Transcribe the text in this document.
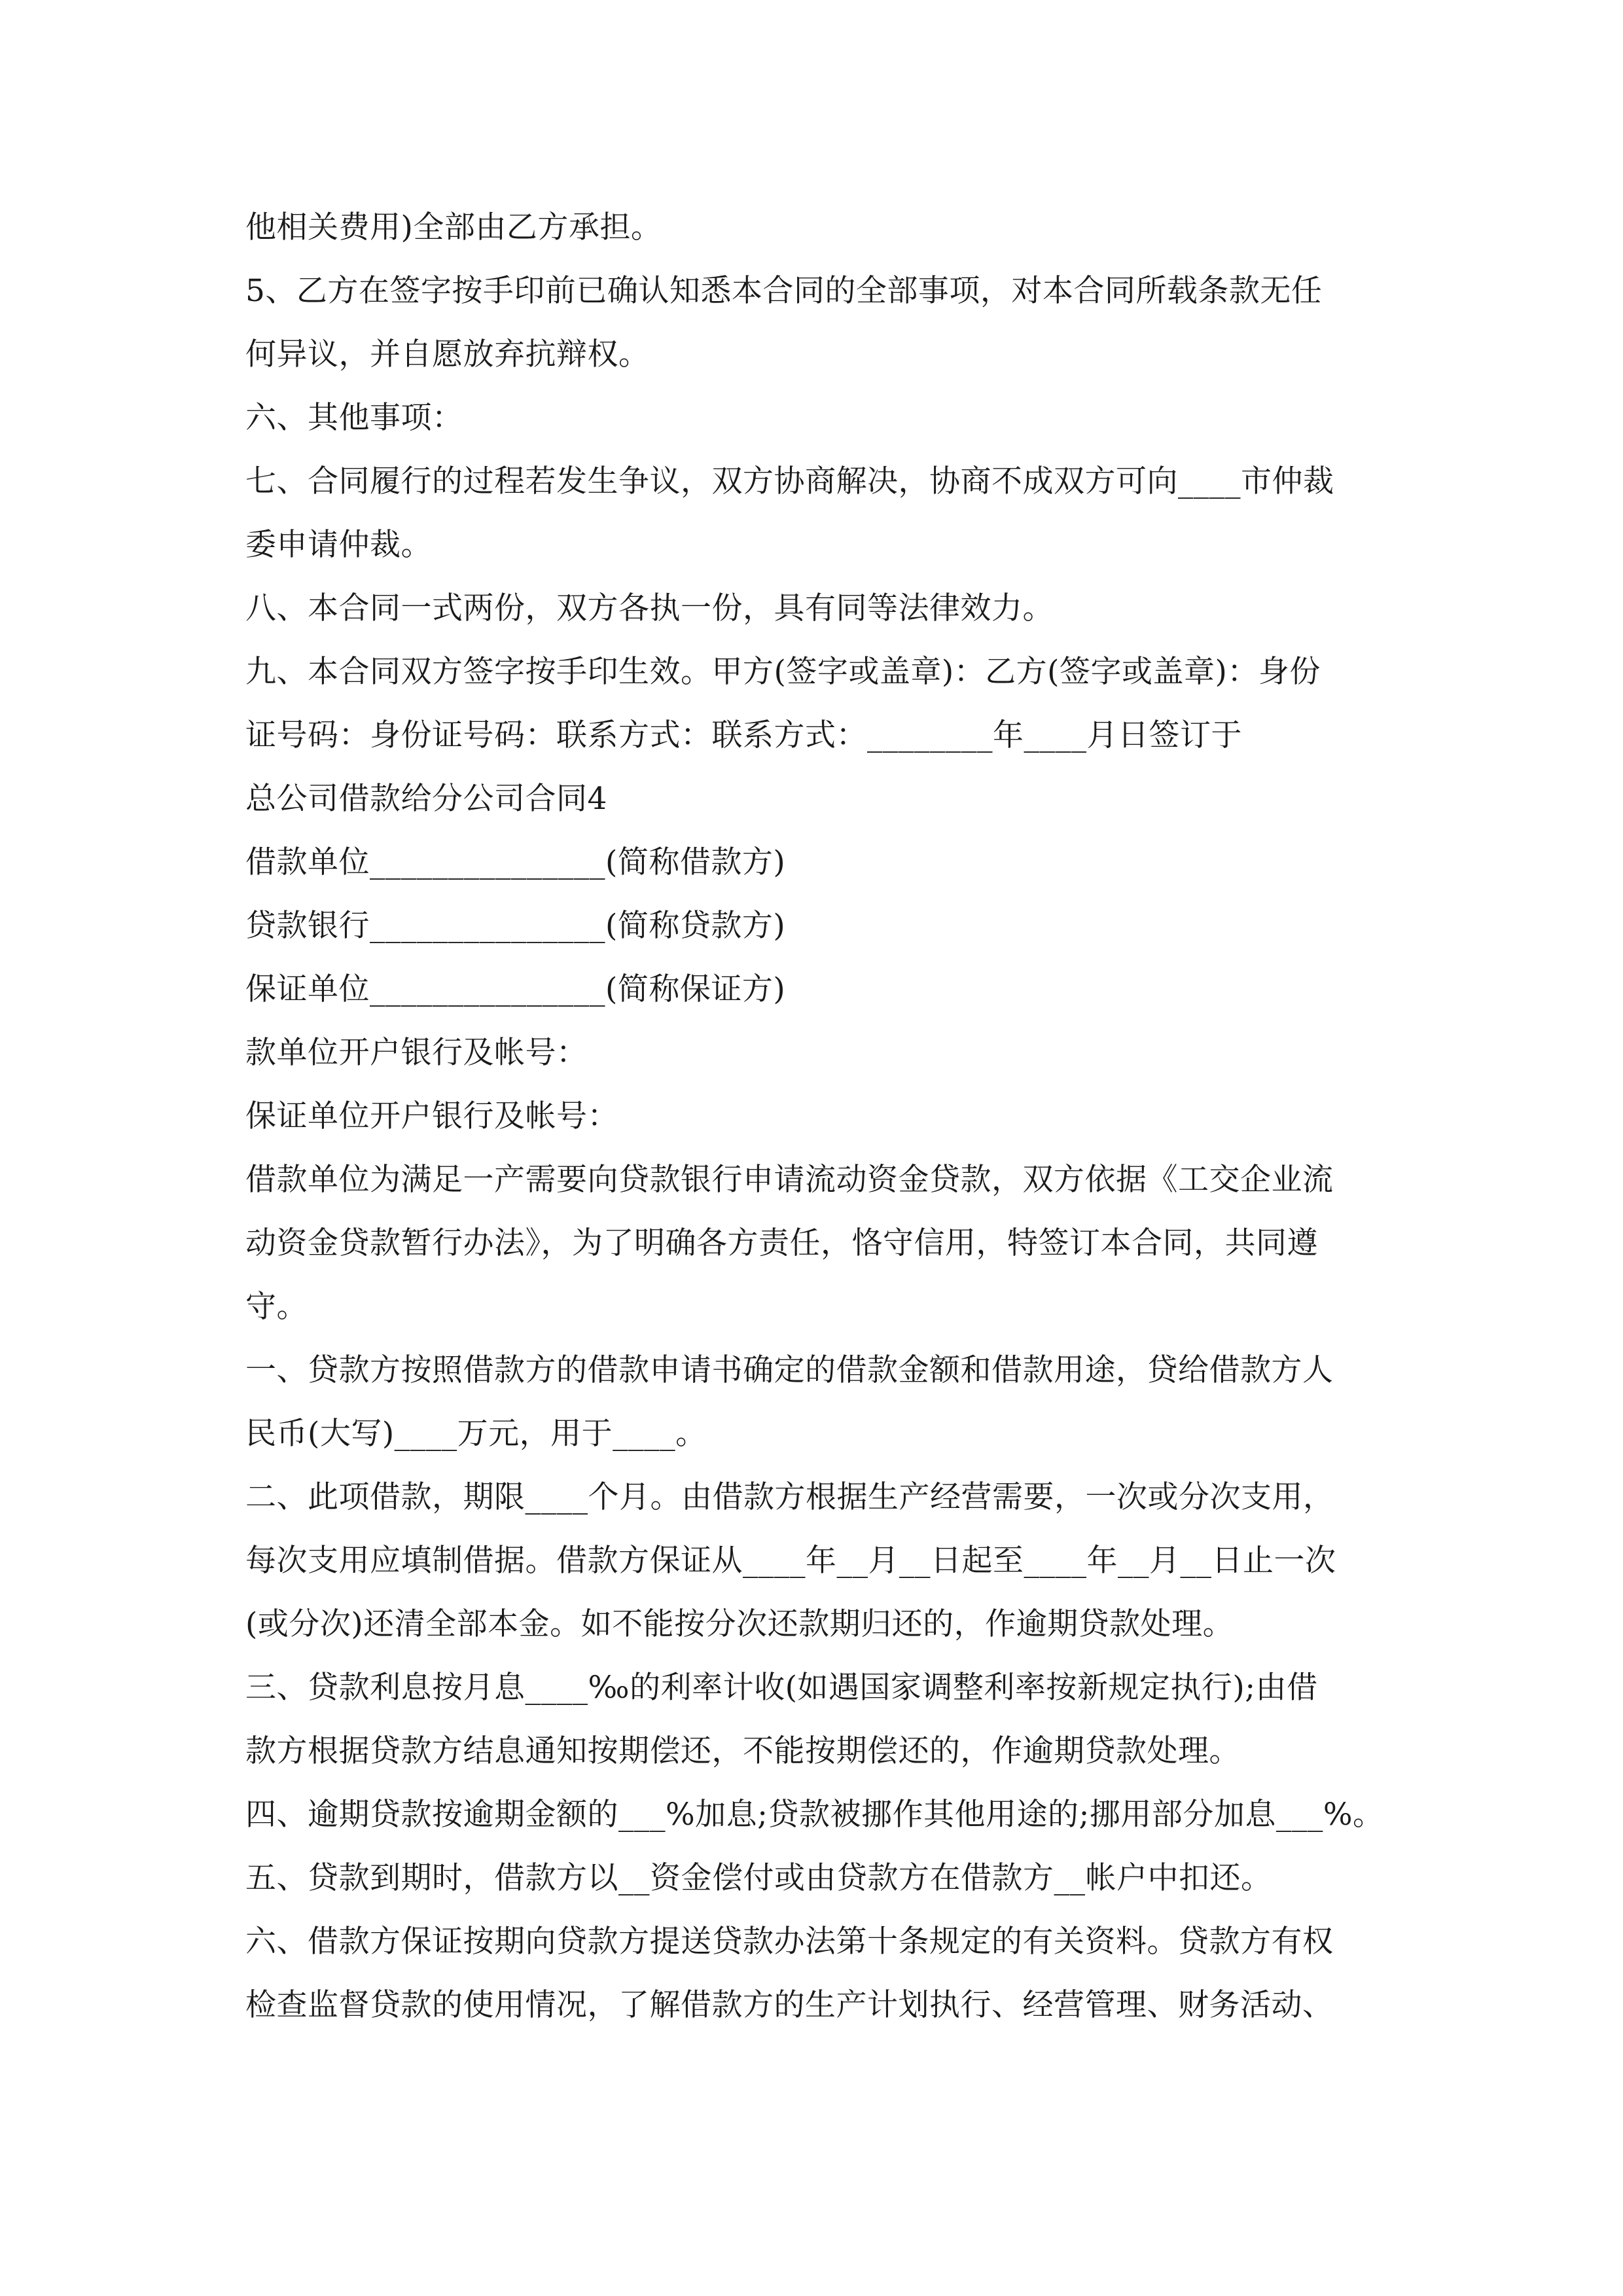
他相关费用)全部由乙方承担。
5、乙方在签字按手印前已确认知悉本合同的全部事项，对本合同所载条款无任
何异议，并自愿放弃抗辩权。
六、其他事项：
七、合同履行的过程若发生争议，双方协商解决，协商不成双方可向____市仲裁
委申请仲裁。
八、本合同一式两份，双方各执一份，具有同等法律效力。
九、本合同双方签字按手印生效。甲方(签字或盖章)：乙方(签字或盖章)：身份
证号码：身份证号码：联系方式：联系方式：________年____月日签订于
总公司借款给分公司合同4
借款单位_______________(简称借款方)
贷款银行_______________(简称贷款方)
保证单位_______________(简称保证方)
款单位开户银行及帐号：
保证单位开户银行及帐号：
借款单位为满足一产需要向贷款银行申请流动资金贷款，双方依据《工交企业流
动资金贷款暂行办法》，为了明确各方责任，恪守信用，特签订本合同，共同遵
守。
一、贷款方按照借款方的借款申请书确定的借款金额和借款用途，贷给借款方人
民币(大写)____万元，用于____。
二、此项借款，期限____个月。由借款方根据生产经营需要，一次或分次支用，
每次支用应填制借据。借款方保证从____年__月__日起至____年__月__日止一次
(或分次)还清全部本金。如不能按分次还款期归还的，作逾期贷款处理。
三、贷款利息按月息____‰的利率计收(如遇国家调整利率按新规定执行);由借
款方根据贷款方结息通知按期偿还，不能按期偿还的，作逾期贷款处理。
四、逾期贷款按逾期金额的___%加息;贷款被挪作其他用途的;挪用部分加息___%。
五、贷款到期时，借款方以__资金偿付或由贷款方在借款方__帐户中扣还。
六、借款方保证按期向贷款方提送贷款办法第十条规定的有关资料。贷款方有权
检查监督贷款的使用情况，了解借款方的生产计划执行、经营管理、财务活动、
